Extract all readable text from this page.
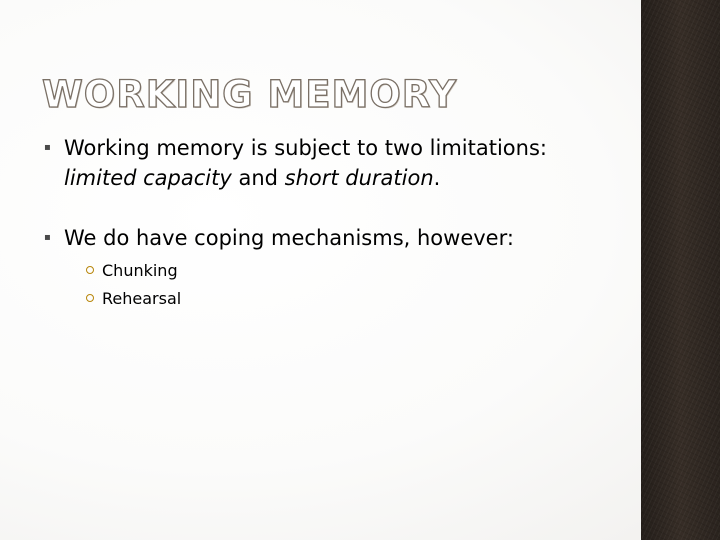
WORKING MEMORY
▪ Working memory is subject to two limitations: limited capacity and short duration.
▪ We do have coping mechanisms, however:
Chunking
Rehearsal
